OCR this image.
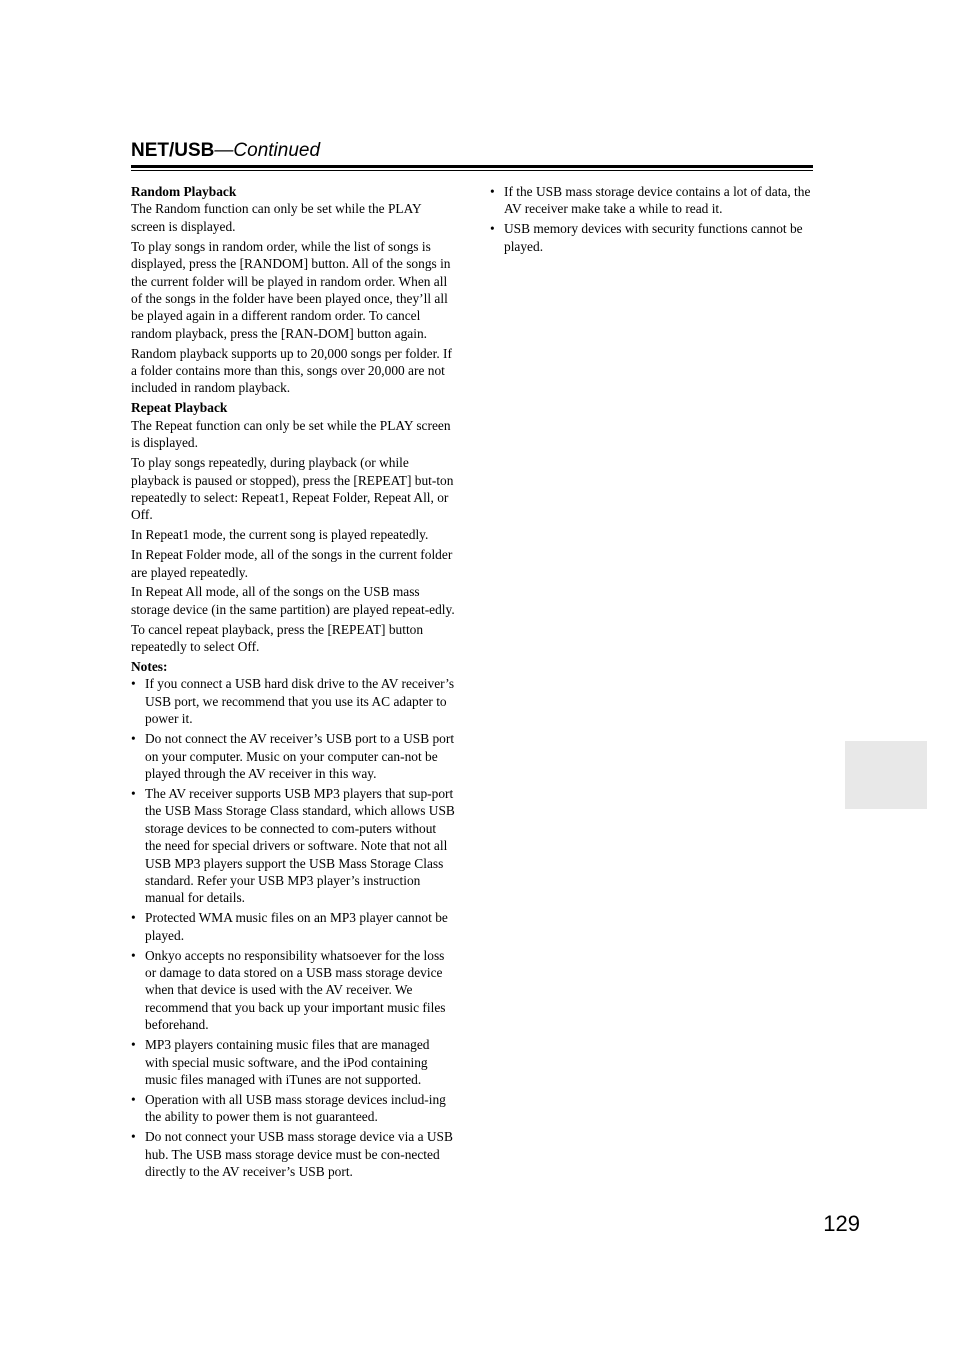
NET/USB—Continued

Random Playback

The Random function can only be set while the PLAY screen is displayed.

To play songs in random order, while the list of songs is displayed, press the [RANDOM] button. All of the songs in the current folder will be played in random order. When all of the songs in the folder have been played once, they’ll all be played again in a different random order. To cancel random playback, press the [RAN-DOM] button again.

Random playback supports up to 20,000 songs per folder. If a folder contains more than this, songs over 20,000 are not included in random playback.

Repeat Playback

The Repeat function can only be set while the PLAY screen is displayed.

To play songs repeatedly, during playback (or while playback is paused or stopped), press the [REPEAT] but-ton repeatedly to select: Repeat1, Repeat Folder, Repeat All, or Off.

In Repeat1 mode, the current song is played repeatedly.

In Repeat Folder mode, all of the songs in the current folder are played repeatedly.

In Repeat All mode, all of the songs on the USB mass storage device (in the same partition) are played repeat-edly.

To cancel repeat playback, press the [REPEAT] button repeatedly to select Off.

Notes:

• If you connect a USB hard disk drive to the AV receiver’s USB port, we recommend that you use its AC adapter to power it.
• Do not connect the AV receiver’s USB port to a USB port on your computer. Music on your computer can-not be played through the AV receiver in this way.
• The AV receiver supports USB MP3 players that sup-port the USB Mass Storage Class standard, which allows USB storage devices to be connected to com-puters without the need for special drivers or software. Note that not all USB MP3 players support the USB Mass Storage Class standard. Refer your USB MP3 player’s instruction manual for details.
• Protected WMA music files on an MP3 player cannot be played.
• Onkyo accepts no responsibility whatsoever for the loss or damage to data stored on a USB mass storage device when that device is used with the AV receiver. We recommend that you back up your important music files beforehand.
• MP3 players containing music files that are managed with special music software, and the iPod containing music files managed with iTunes are not supported.
• Operation with all USB mass storage devices includ-ing the ability to power them is not guaranteed.
• Do not connect your USB mass storage device via a USB hub. The USB mass storage device must be con-nected directly to the AV receiver’s USB port.
• If the USB mass storage device contains a lot of data, the AV receiver make take a while to read it.
• USB memory devices with security functions cannot be played.
129
